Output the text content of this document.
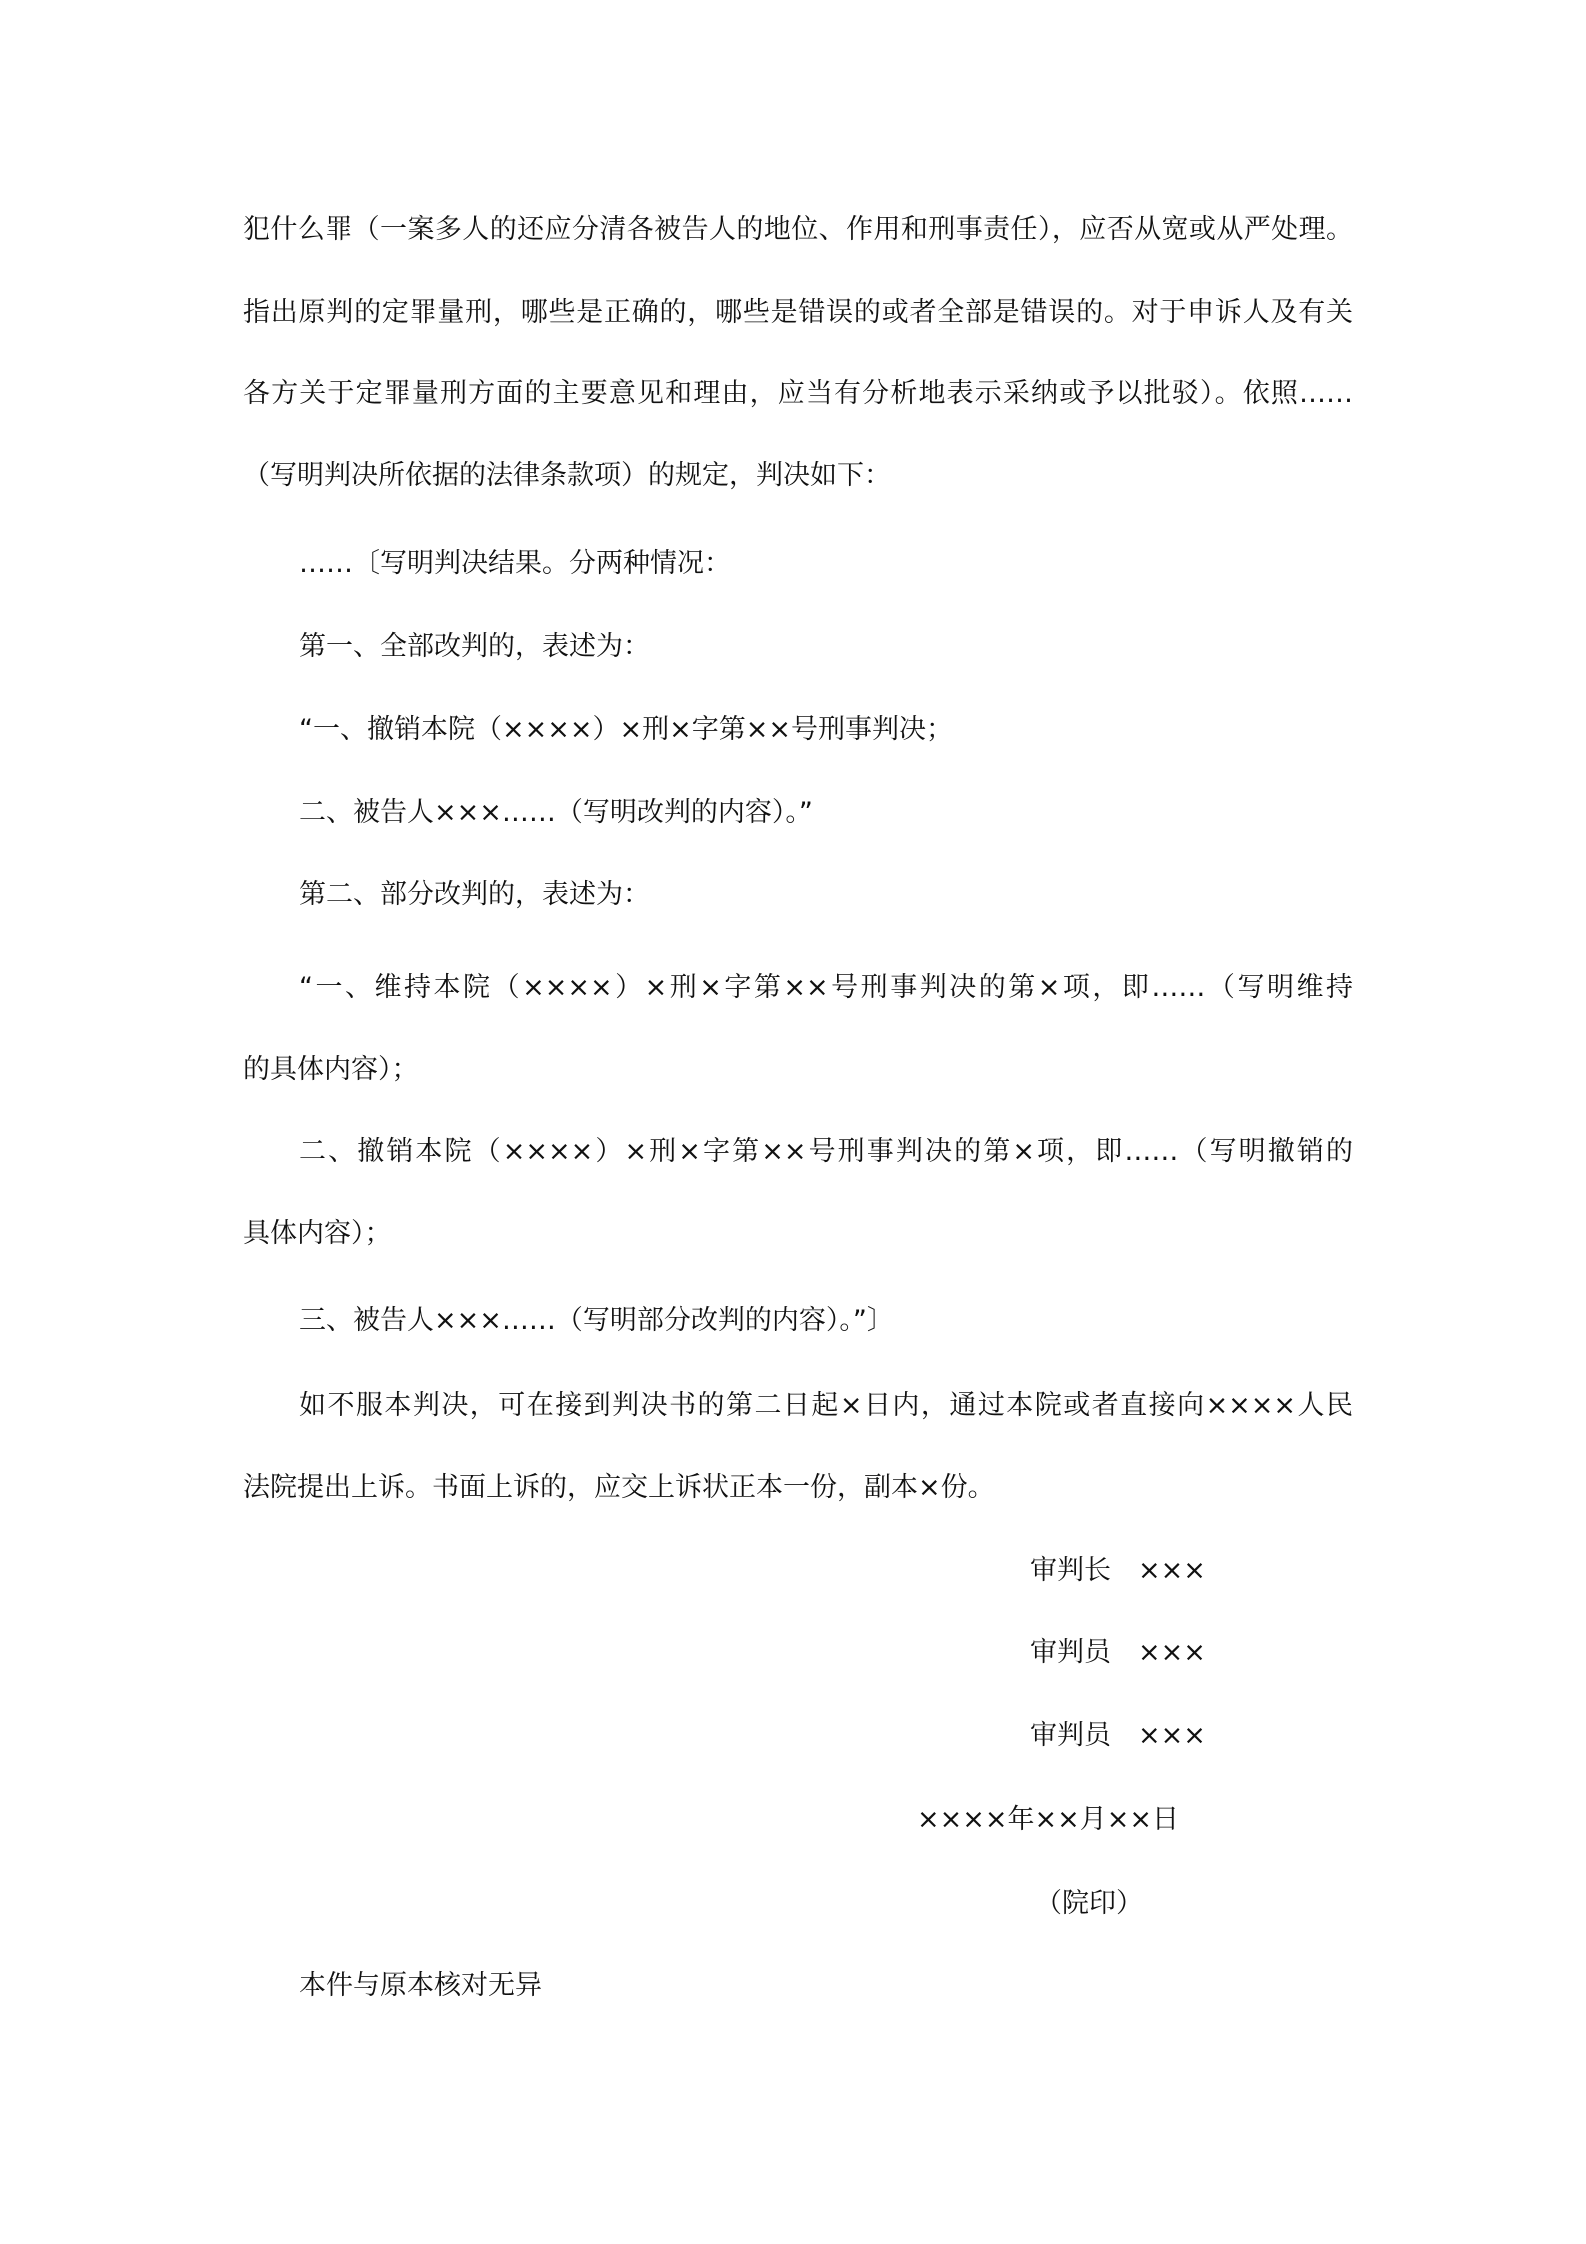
犯什么罪（一案多人的还应分清各被告人的地位、作用和刑事责任），应否从宽或从严处理。
指出原判的定罪量刑，哪些是正确的，哪些是错误的或者全部是错误的。对于申诉人及有关
各方关于定罪量刑方面的主要意见和理由，应当有分析地表示采纳或予以批驳）。依照……
（写明判决所依据的法律条款项）的规定，判决如下：
……〔写明判决结果。分两种情况：
第一、全部改判的，表述为：
“一、撤销本院（××××）×刑×字第××号刑事判决；
二、被告人×××……（写明改判的内容）。”
第二、部分改判的，表述为：
“一、维持本院（××××）×刑×字第××号刑事判决的第×项，即……（写明维持
的具体内容）；
二、撤销本院（××××）×刑×字第××号刑事判决的第×项，即……（写明撤销的
具体内容）；
三、被告人×××……（写明部分改判的内容）。”〕
如不服本判决，可在接到判决书的第二日起×日内，通过本院或者直接向××××人民
法院提出上诉。书面上诉的，应交上诉状正本一份，副本×份。
审判长　×××
审判员　×××
审判员　×××
××××年××月××日
（院印）
本件与原本核对无异
